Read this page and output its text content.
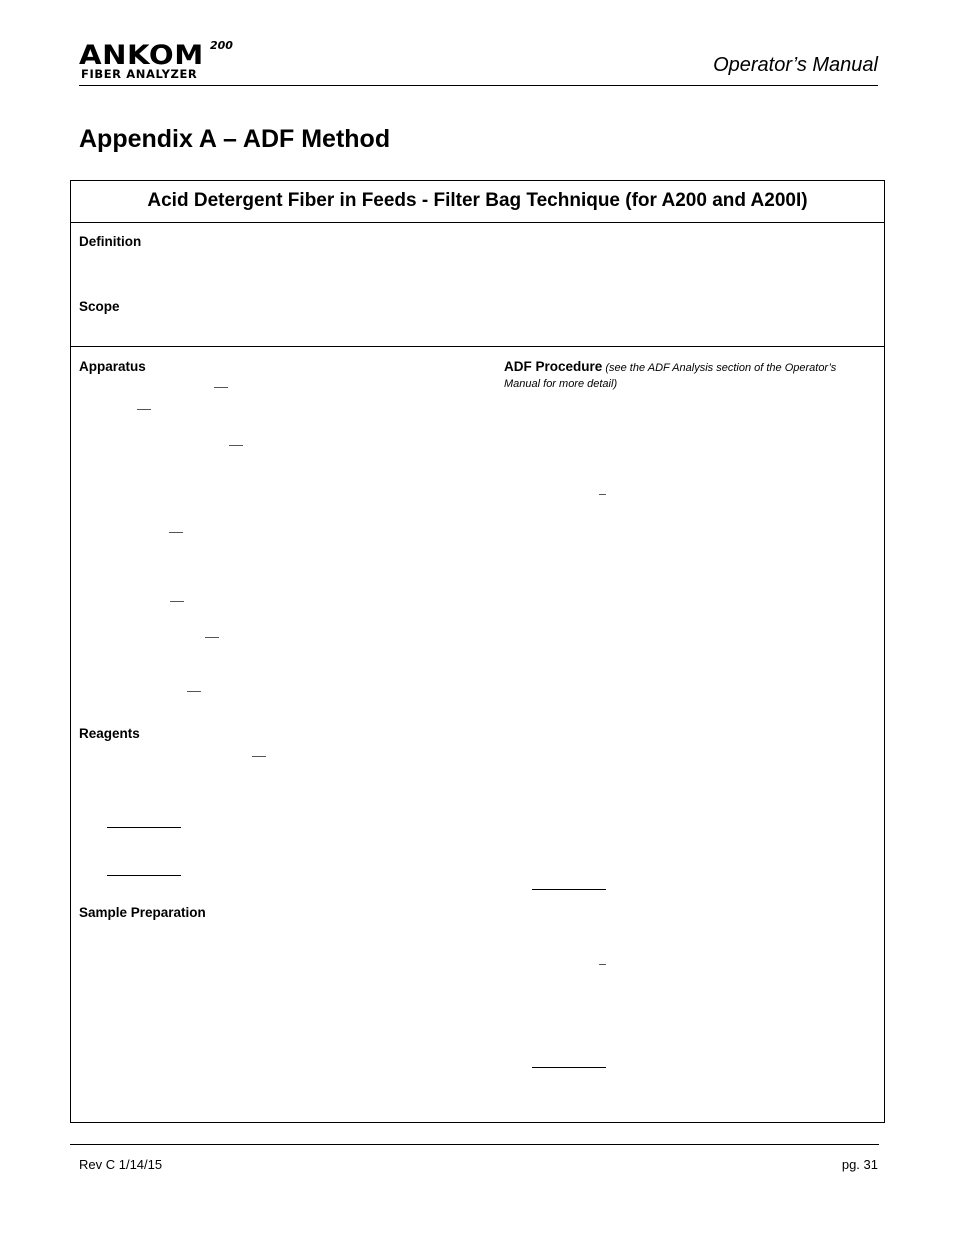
ANKOM 200
FIBER ANALYZER	Operator’s Manual
Appendix A – ADF Method
Acid Detergent Fiber in Feeds - Filter Bag Technique (for A200 and A200I)
Definition
Scope
Apparatus	ADF Procedure (see the ADF Analysis section of the Operator’s Manual for more detail)
Reagents
Sample Preparation
Rev C 1/14/15	pg. 31
